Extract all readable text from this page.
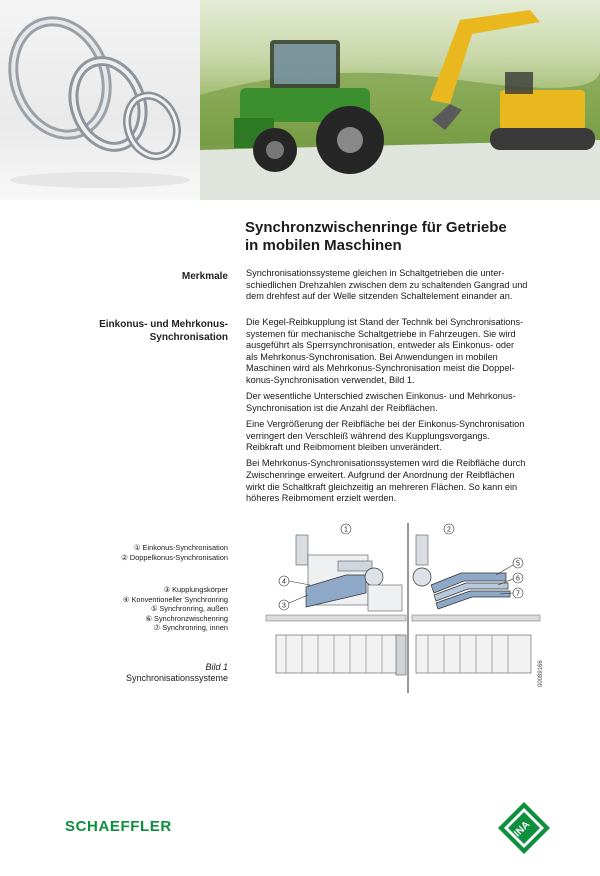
Synchronzwischenringe für Getriebe
in mobilen Maschinen
Merkmale Synchronisationssysteme gleichen in Schaltgetrieben die unter-
schiedlichen Drehzahlen zwischen dem zu schaltenden Gangrad und
dem drehfest auf der Welle sitzenden Schaltelement einander an.
Einkonus- und Mehrkonus-
Synchronisation
Die Kegel-Reibkupplung ist Stand der Technik bei Synchronisations-
systemen für mechanische Schaltgetriebe in Fahrzeugen. Sie wird
ausgeführt als Sperrsynchronisation, entweder als Einkonus- oder
als Mehrkonus-Synchronisation. Bei Anwendungen in mobilen
Maschinen wird als Mehrkonus-Synchronisation meist die Doppel-
konus-Synchronisation verwendet, Bild 1.
Der wesentliche Unterschied zwischen Einkonus- und Mehrkonus-
Synchronisation ist die Anzahl der Reibflächen.
Eine Vergrößerung der Reibfläche bei der Einkonus-Synchronisation
verringert den Verschleiß während des Kupplungsvorgangs.
Reibkraft und Reibmoment bleiben unverändert.
Bei Mehrkonus-Synchronisationssystemen wird die Reibfläche durch
Zwischenringe erweitert. Aufgrund der Anordnung der Reibflächen
wirkt die Schaltkraft gleichzeitig an mehreren Flächen. So kann ein
höheres Reibmoment erzielt werden.
① Einkonus-Synchronisation
② Doppelkonus-Synchronisation
③ Kupplungskörper
④ Konventioneller Synchronring
⑤ Synchronring, außen
⑥ Synchronzwischenring
⑦ Synchronring, innen
Bild 1
Synchronisationssysteme
1	2
3
4
5
6
7
00089166
SCHAEFFLER	INA
